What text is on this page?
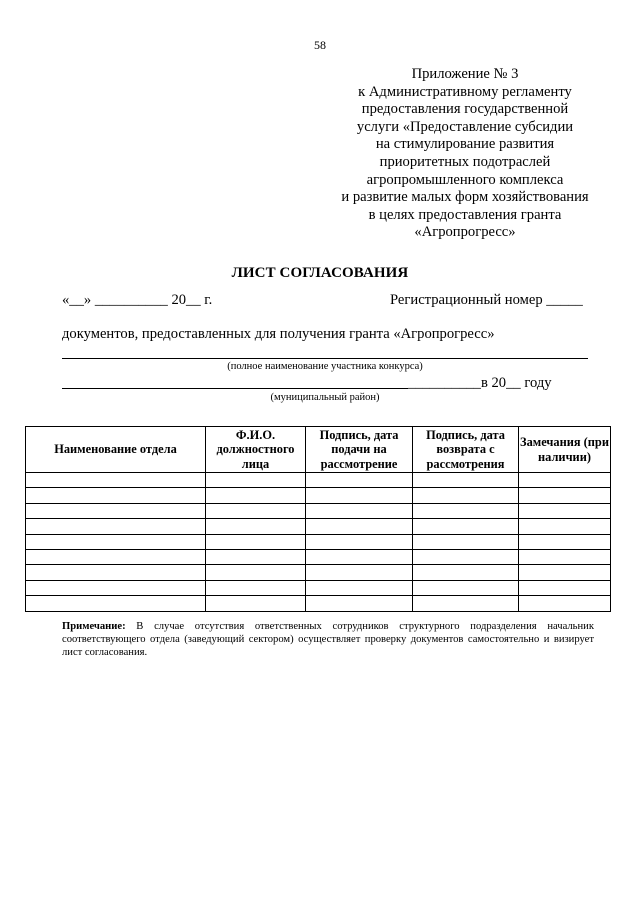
58
Приложение № 3
к Административному регламенту
предоставления государственной
услуги «Предоставление субсидии
на стимулирование развития
приоритетных подотраслей
агропромышленного комплекса
и развитие малых форм хозяйствования
в целях предоставления гранта
«Агропрогресс»
ЛИСТ СОГЛАСОВАНИЯ
«__» __________ 20__ г.	Регистрационный номер _____
документов, предоставленных для получения гранта «Агропрогресс»
(полное наименование участника конкурса)
__________в 20__ году
(муниципальный район)
Наименование отдела	Ф.И.О. должностного лица	Подпись, дата подачи на рассмотрение	Подпись, дата возврата с рассмотрения	Замечания (при наличии)

Примечание: В случае отсутствия ответственных сотрудников структурного подразделения начальник соответствующего отдела (заведующий сектором) осуществляет проверку документов самостоятельно и визирует лист согласования.
